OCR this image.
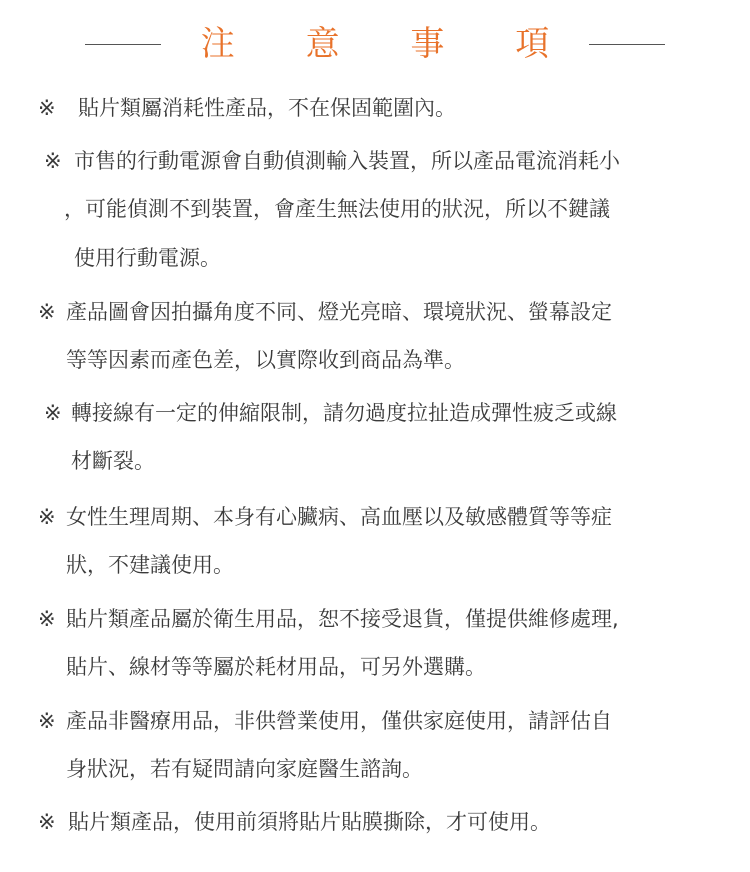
注 意 事 項
※ 貼片類屬消耗性產品，不在保固範圍內。
※ 市售的行動電源會自動偵測輸入裝置，所以產品電流消耗小
，可能偵測不到裝置，會產生無法使用的狀況，所以不鍵議
使用行動電源。
※ 產品圖會因拍攝角度不同、燈光亮暗、環境狀況、螢幕設定
等等因素而產色差，以實際收到商品為準。
※ 轉接線有一定的伸縮限制，請勿過度拉扯造成彈性疲乏或線
材斷裂。
※ 女性生理周期、本身有心臟病、高血壓以及敏感體質等等症
狀，不建議使用。
※ 貼片類產品屬於衛生用品，恕不接受退貨，僅提供維修處理,
貼片、線材等等屬於耗材用品，可另外選購。
※ 產品非醫療用品，非供營業使用，僅供家庭使用，請評估自
身狀況，若有疑問請向家庭醫生諮詢。
※ 貼片類產品，使用前須將貼片貼膜撕除，才可使用。
